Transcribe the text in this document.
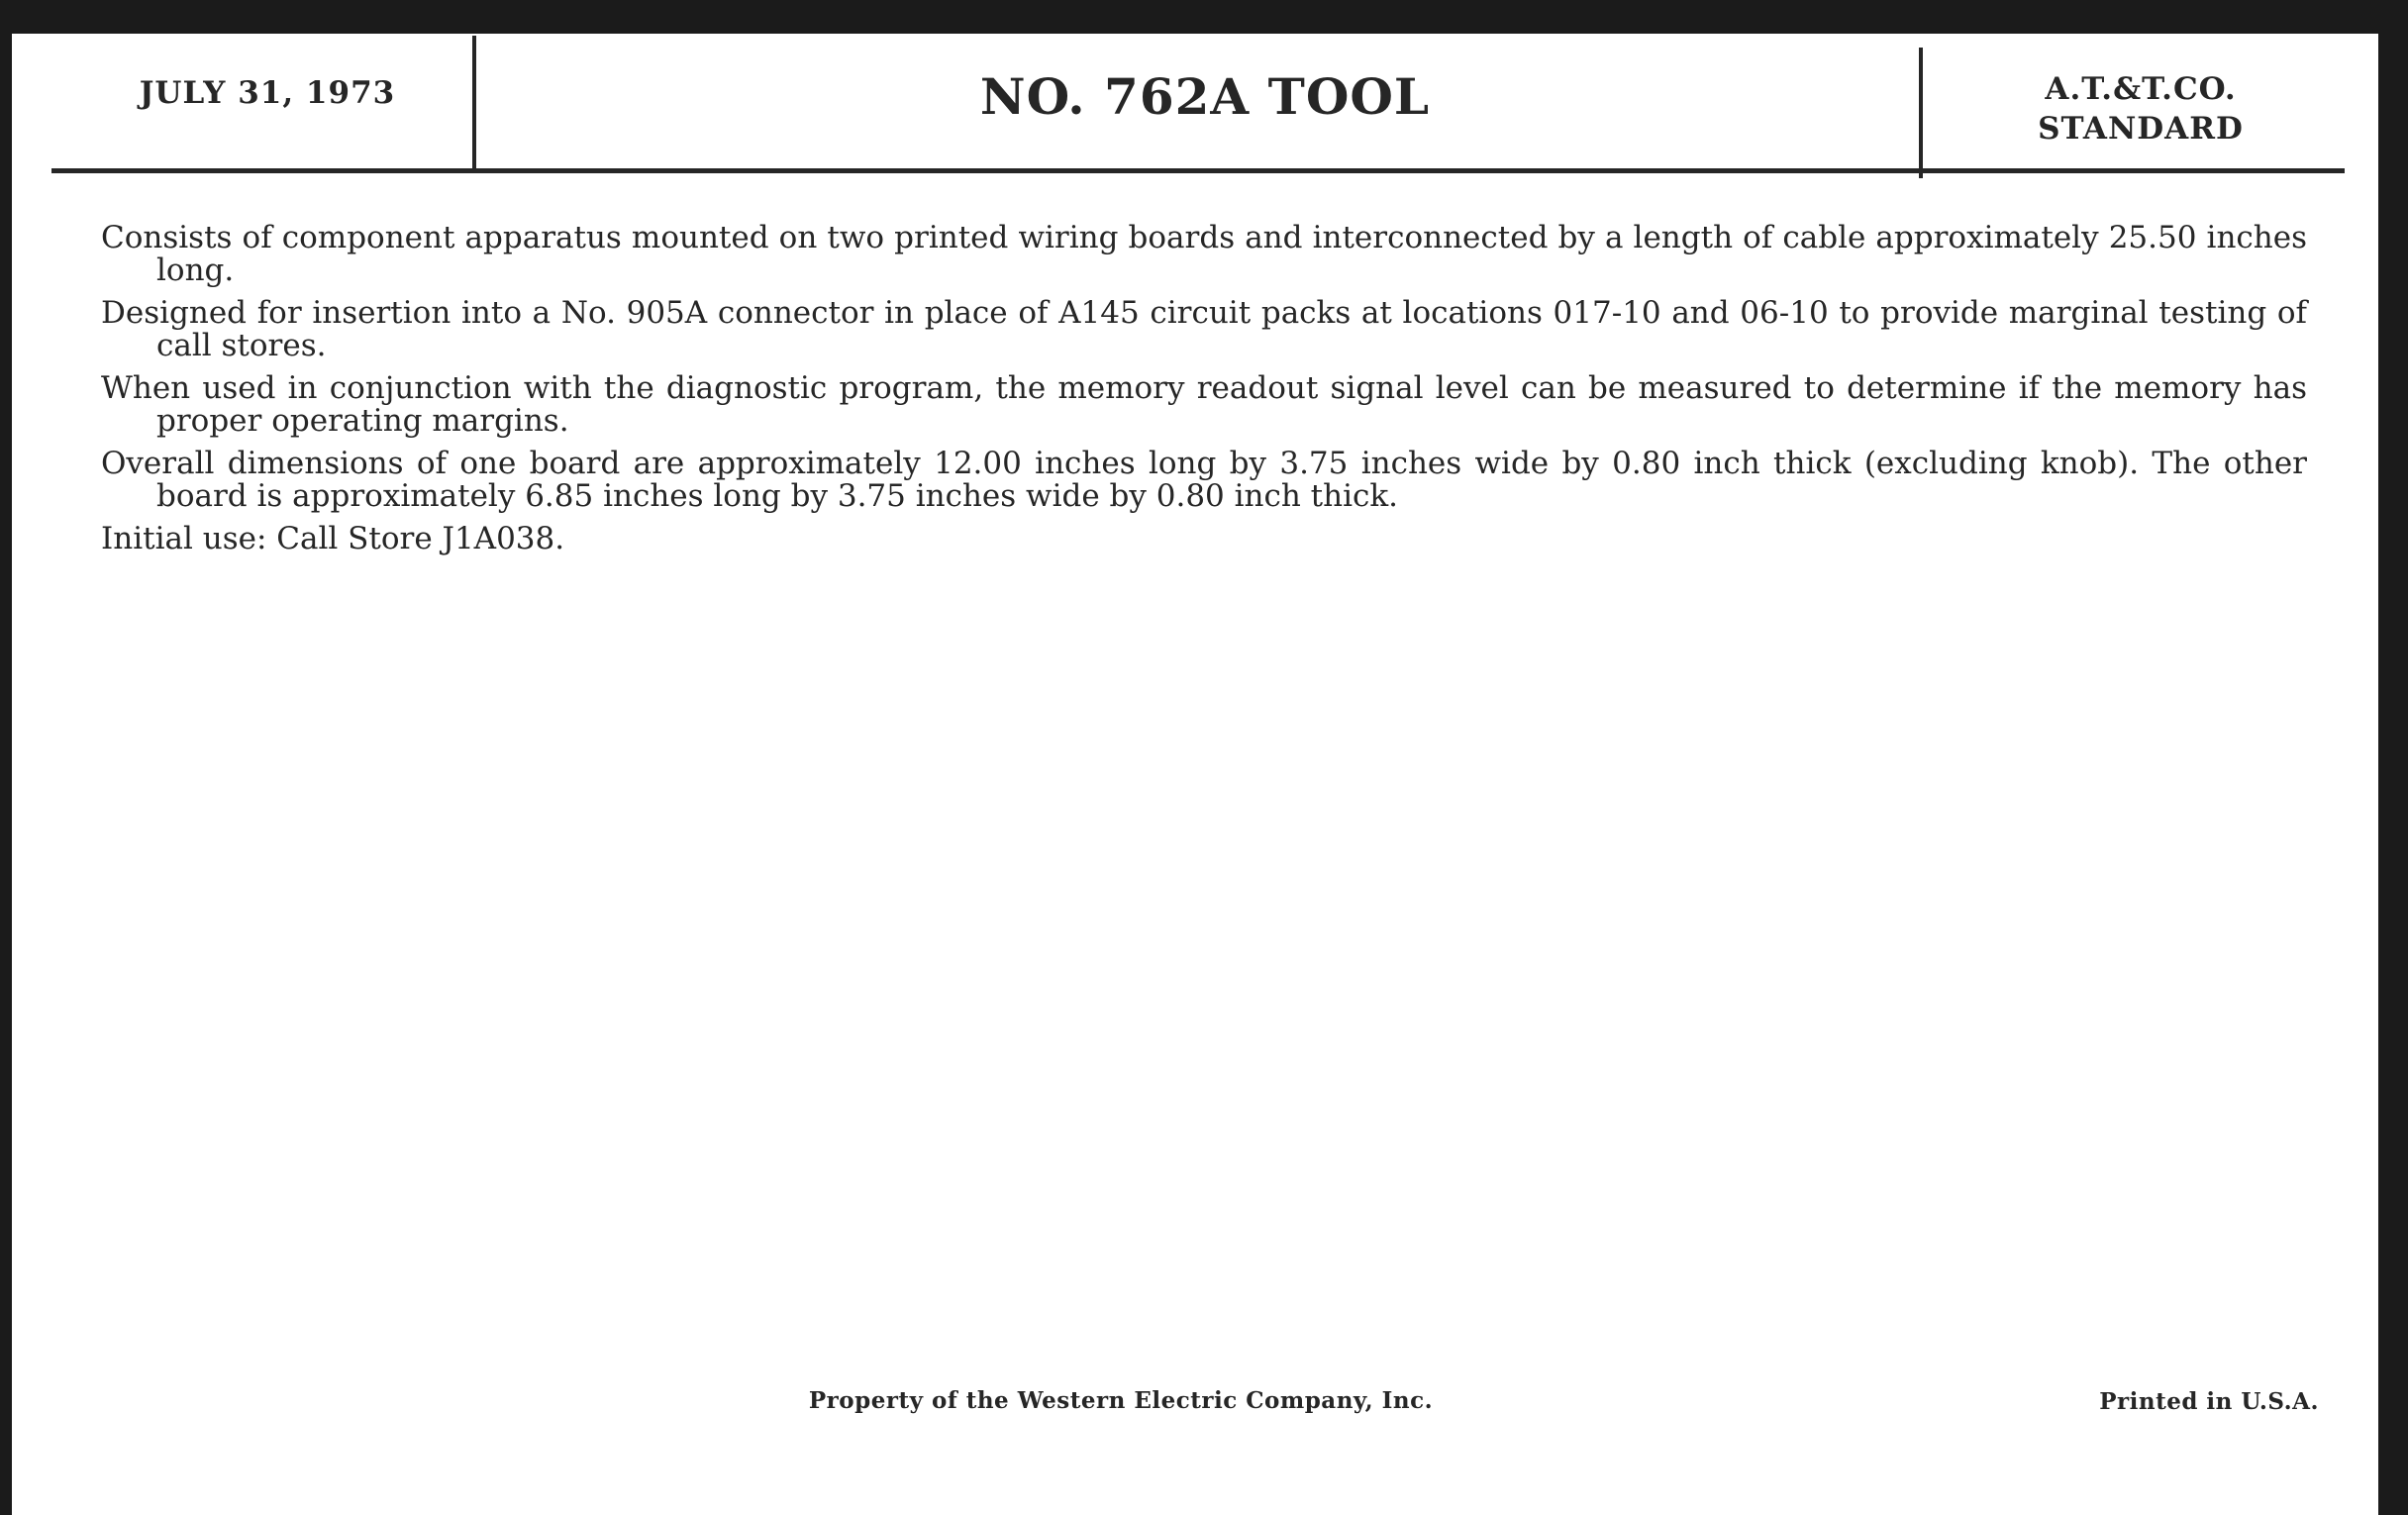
JULY 31, 1973	NO. 762A TOOL	A.T.&T.CO.
STANDARD

Consists of component apparatus mounted on two printed wiring boards and interconnected by a length of cable approximately 25.50 inches long.

Designed for insertion into a No. 905A connector in place of A145 circuit packs at locations 017-10 and 06-10 to provide marginal testing of call stores.

When used in conjunction with the diagnostic program, the memory readout signal level can be measured to determine if the memory has proper operating margins.

Overall dimensions of one board are approximately 12.00 inches long by 3.75 inches wide by 0.80 inch thick (excluding knob). The other board is approximately 6.85 inches long by 3.75 inches wide by 0.80 inch thick.

Initial use: Call Store J1A038.

Property of the Western Electric Company, Inc.	Printed in U.S.A.
